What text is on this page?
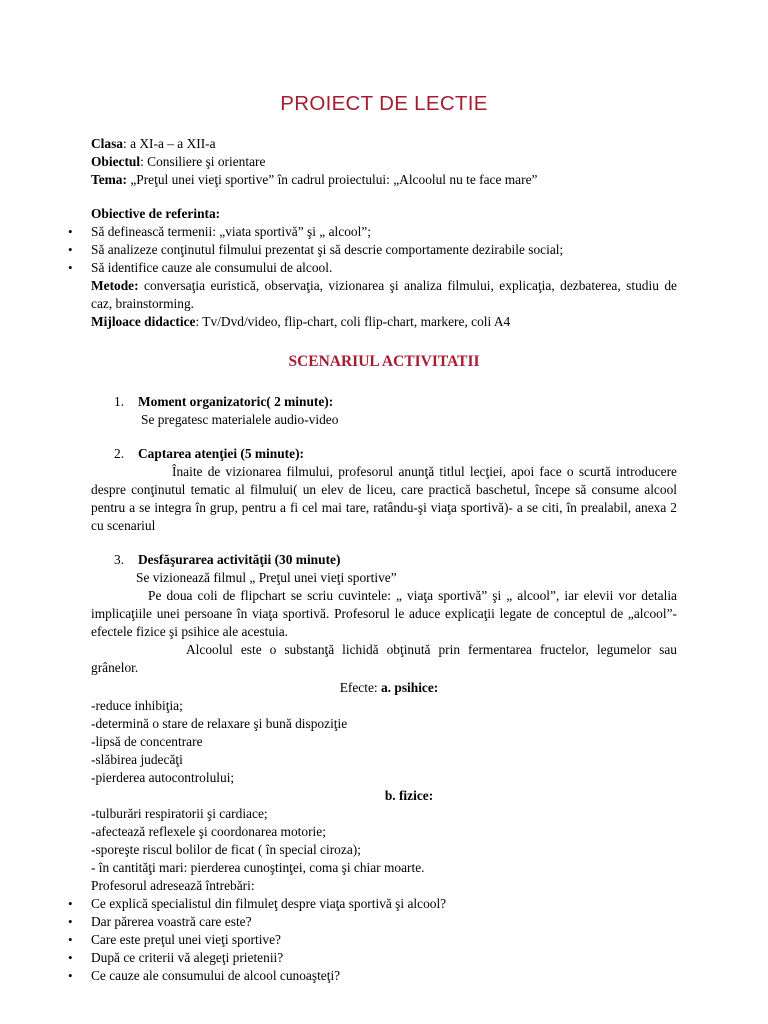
PROIECT DE LECTIE

Clasa: a XI-a – a XII-a

Obiectul: Consiliere şi orientare

Tema: „Preţul unei vieţi sportive” în cadrul proiectului: „Alcoolul nu te face mare”

Obiective de referinta:

• Să definească termenii: „viata sportivă” şi „ alcool”;

• Să analizeze conţinutul filmului prezentat şi să descrie comportamente dezirabile social;

• Să identifice cauze ale consumului de alcool.

Metode: conversaţia euristică, observaţia, vizionarea şi analiza filmului, explicaţia, dezbaterea, studiu de caz, brainstorming.

Mijloace didactice: Tv/Dvd/video, flip-chart, coli flip-chart, markere, coli A4

SCENARIUL ACTIVITATII

1. Moment organizatoric( 2 minute):

Se pregatesc materialele audio-video

2. Captarea atenţiei (5 minute):

Înaite de vizionarea filmului, profesorul anunţă titlul lecţiei, apoi face o scurtă introducere despre conţinutul tematic al filmului( un elev de liceu, care practică baschetul, începe să consume alcool pentru a se integra în grup, pentru a fi cel mai tare, ratându-şi viaţa sportivă)- a se citi, în prealabil, anexa 2 cu scenariul

3. Desfăşurarea activităţii (30 minute)

Se vizionează filmul „ Preţul unei vieţi sportive”

Pe doua coli de flipchart se scriu cuvintele: „ viaţa sportivă” şi „ alcool”, iar elevii vor detalia implicaţiile unei persoane în viaţa sportivă. Profesorul le aduce explicaţii legate de conceptul de „alcool”- efectele fizice şi psihice ale acestuia.

Alcoolul este o substanţă lichidă obţinută prin fermentarea fructelor, legumelor sau grânelor.

Efecte: a. psihice:

-reduce inhibiţia;

-determină o stare de relaxare şi bună dispoziţie

-lipsă de concentrare

-slăbirea judecăţi

-pierderea autocontrolului;

b. fizice:

-tulburări respiratorii şi cardiace;

-afectează reflexele şi coordonarea motorie;

-sporeşte riscul bolilor de ficat ( în special ciroza);

- în cantităţi mari: pierderea cunoştinţei, coma şi chiar moarte.

Profesorul adresează întrebări:

• Ce explică specialistul din filmuleţ despre viaţa sportivă şi alcool?

• Dar părerea voastră care este?

• Care este preţul unei vieţi sportive?

• După ce criterii vă alegeţi prietenii?

• Ce cauze ale consumului de alcool cunoaşteţi?
